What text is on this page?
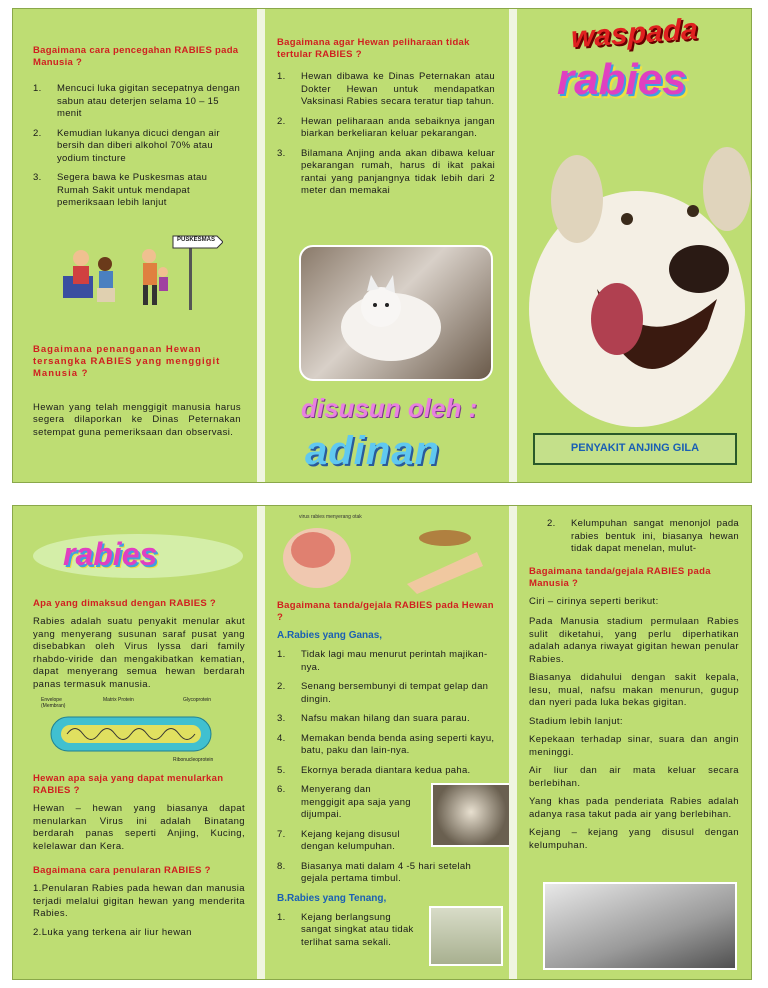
Bagaimana cara pencegahan RABIES pada Manusia ?
1.	Mencuci luka gigitan secepatnya dengan sabun atau deterjen selama 10 – 15 menit
2.	Kemudian lukanya dicuci dengan air bersih dan diberi alkohol 70% atau yodium tincture
3.	Segera bawa ke Puskesmas atau Rumah Sakit untuk mendapat pemeriksaan lebih lanjut
PUSKESMAS
Bagaimana penanganan Hewan tersangka RABIES yang menggigit Manusia ?
Hewan yang telah menggigit manusia harus segera dilaporkan ke Dinas Peternakan setempat guna pemeriksaan dan observasi.
Bagaimana agar Hewan peliharaan tidak tertular RABIES ?
1.	Hewan dibawa ke Dinas Peternakan atau Dokter Hewan untuk mendapatkan Vaksinasi Rabies secara teratur tiap tahun.
2.	Hewan peliharaan anda sebaiknya jangan biarkan berkeliaran keluar pekarangan.
3.	Bilamana Anjing anda akan dibawa keluar pekarangan rumah, harus di ikat pakai rantai yang panjangnya tidak lebih dari 2 meter dan memakai
disusun oleh :
adinan
waspada
rabies
PENYAKIT ANJING GILA
rabies
Apa yang dimaksud dengan RABIES ?
Rabies adalah suatu penyakit menular akut yang menyerang susunan saraf pusat yang disebabkan oleh Virus lyssa dari family rhabdo-viride dan mengakibatkan kematian, dapat menyerang semua hewan berdarah panas termasuk manusia.
Envelope (Membran)
Matrix Protein	Glycoprotein
Ribonucleoprotein
Hewan apa saja yang dapat menularkan RABIES ?
Hewan – hewan yang biasanya dapat menularkan Virus ini adalah Binatang berdarah panas seperti Anjing, Kucing, kelelawar dan Kera.
Bagaimana cara penularan RABIES ?
1.Penularan Rabies pada hewan dan manusia terjadi melalui gigitan hewan yang menderita Rabies.
2.Luka yang terkena air liur hewan
virus rabies menyerang otak
Bagaimana tanda/gejala RABIES pada Hewan ?
A.Rabies yang Ganas,
1.	Tidak lagi mau menurut perintah majikan-nya.
2.	Senang bersembunyi di tempat gelap dan dingin.
3.	Nafsu makan hilang dan suara parau.
4.	Memakan benda benda asing seperti kayu, batu, paku dan lain-nya.
5.	Ekornya berada diantara kedua paha.
6.	Menyerang dan menggigit apa saja yang dijumpai.
7.	Kejang kejang disusul dengan kelumpuhan.
8.	Biasanya mati dalam 4 -5 hari setelah gejala pertama timbul.
B.Rabies yang Tenang,
1.	Kejang berlangsung sangat singkat atau tidak terlihat sama sekali.
2.	Kelumpuhan sangat menonjol pada rabies bentuk ini, biasanya hewan tidak dapat menelan, mulut-
Bagaimana tanda/gejala RABIES pada Manusia ?
Ciri – cirinya seperti berikut:
Pada Manusia stadium permulaan Rabies sulit diketahui, yang perlu diperhatikan adalah adanya riwayat gigitan hewan penular Rabies.
Biasanya didahului dengan sakit kepala, lesu, mual, nafsu makan menurun, gugup dan nyeri pada luka bekas gigitan.
Stadium lebih lanjut:
Kepekaan terhadap sinar, suara dan angin meninggi.
Air liur dan air mata keluar secara berlebihan.
Yang khas pada penderiata Rabies adalah adanya rasa takut pada air yang berlebihan.
Kejang – kejang yang disusul dengan kelumpuhan.
